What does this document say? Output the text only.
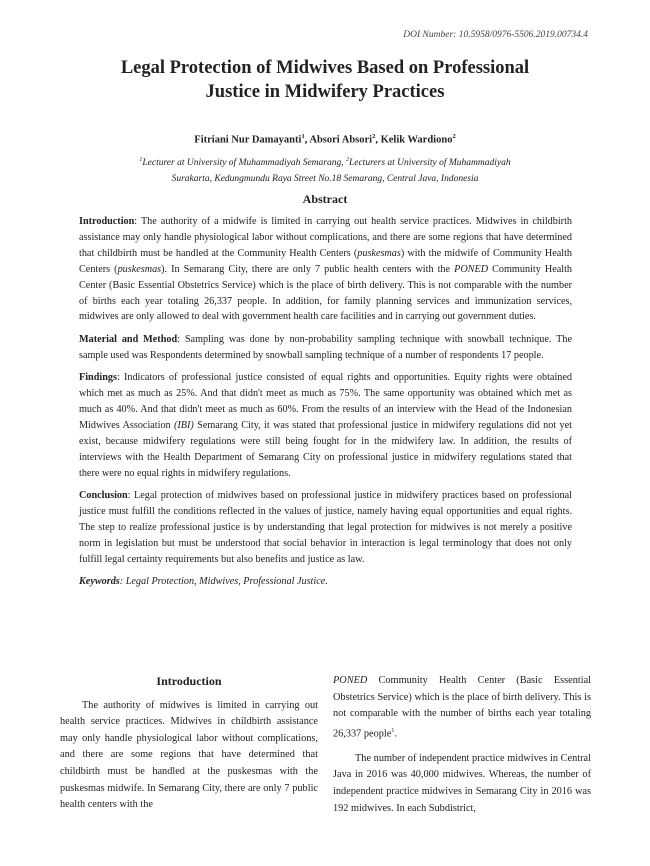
DOI Number: 10.5958/0976-5506.2019.00734.4
Legal Protection of Midwives Based on Professional
Justice in Midwifery Practices
Fitriani Nur Damayanti$^1$, Absori Absori$^2$, Kelik Wardiono$^2$
$^1$Lecturer at University of Muhammadiyah Semarang, $^2$Lecturers at University of Muhammadiyah
Surakarta, Kedungmundu Raya Street No.18 Semarang, Central Java, Indonesia
Abstract

Introduction: The authority of a midwife is limited in carrying out health service practices. Midwives in childbirth assistance may only handle physiological labor without complications, and there are some regions that have determined that childbirth must be handled at the Community Health Centers (puskesmas) with the midwife of Community Health Centers (puskesmas). In Semarang City, there are only 7 public health centers with the PONED Community Health Center (Basic Essential Obstetrics Service) which is the place of birth delivery. This is not comparable with the number of births each year totaling 26,337 people. In addition, for family planning services and immunization services, midwives are only allowed to deal with government health care facilities and in carrying out government duties.

Material and Method: Sampling was done by non-probability sampling technique with snowball technique. The sample used was Respondents determined by snowball sampling technique of a number of respondents 17 people.

Findings: Indicators of professional justice consisted of equal rights and opportunities. Equity rights were obtained which met as much as 25%. And that didn't meet as much as 75%. The same opportunity was obtained which met as much as 40%. And that didn't meet as much as 60%. From the results of an interview with the Head of the Indonesian Midwives Association (IBI) Semarang City, it was stated that professional justice in midwifery regulations did not yet exist, because midwifery regulations were still being fought for in the midwifery law. In addition, the results of interviews with the Health Department of Semarang City on professional justice in midwifery regulations stated that there were no equal rights in midwifery regulations.

Conclusion: Legal protection of midwives based on professional justice in midwifery practices based on professional justice must fulfill the conditions reflected in the values of justice, namely having equal opportunities and equal rights. The step to realize professional justice is by understanding that legal protection for midwives is not merely a positive norm in legislation but must be understood that social behavior in interaction is legal terminology that does not only fulfill legal certainty requirements but also benefits and justice as law.

Keywords: Legal Protection, Midwives, Professional Justice.

Introduction

The authority of midwives is limited in carrying out health service practices. Midwives in childbirth assistance may only handle physiological labor without complications, and there are some regions that have determined that childbirth must be handled at the puskesmas with the puskesmas midwife. In Semarang City, there are only 7 public health centers with the

PONED Community Health Center (Basic Essential Obstetrics Service) which is the place of birth delivery. This is not comparable with the number of births each year totaling 26,337 people$^1$.

The number of independent practice midwives in Central Java in 2016 was 40,000 midwives. Whereas, the number of independent practice midwives in Semarang City in 2016 was 192 midwives. In each Subdistrict,
